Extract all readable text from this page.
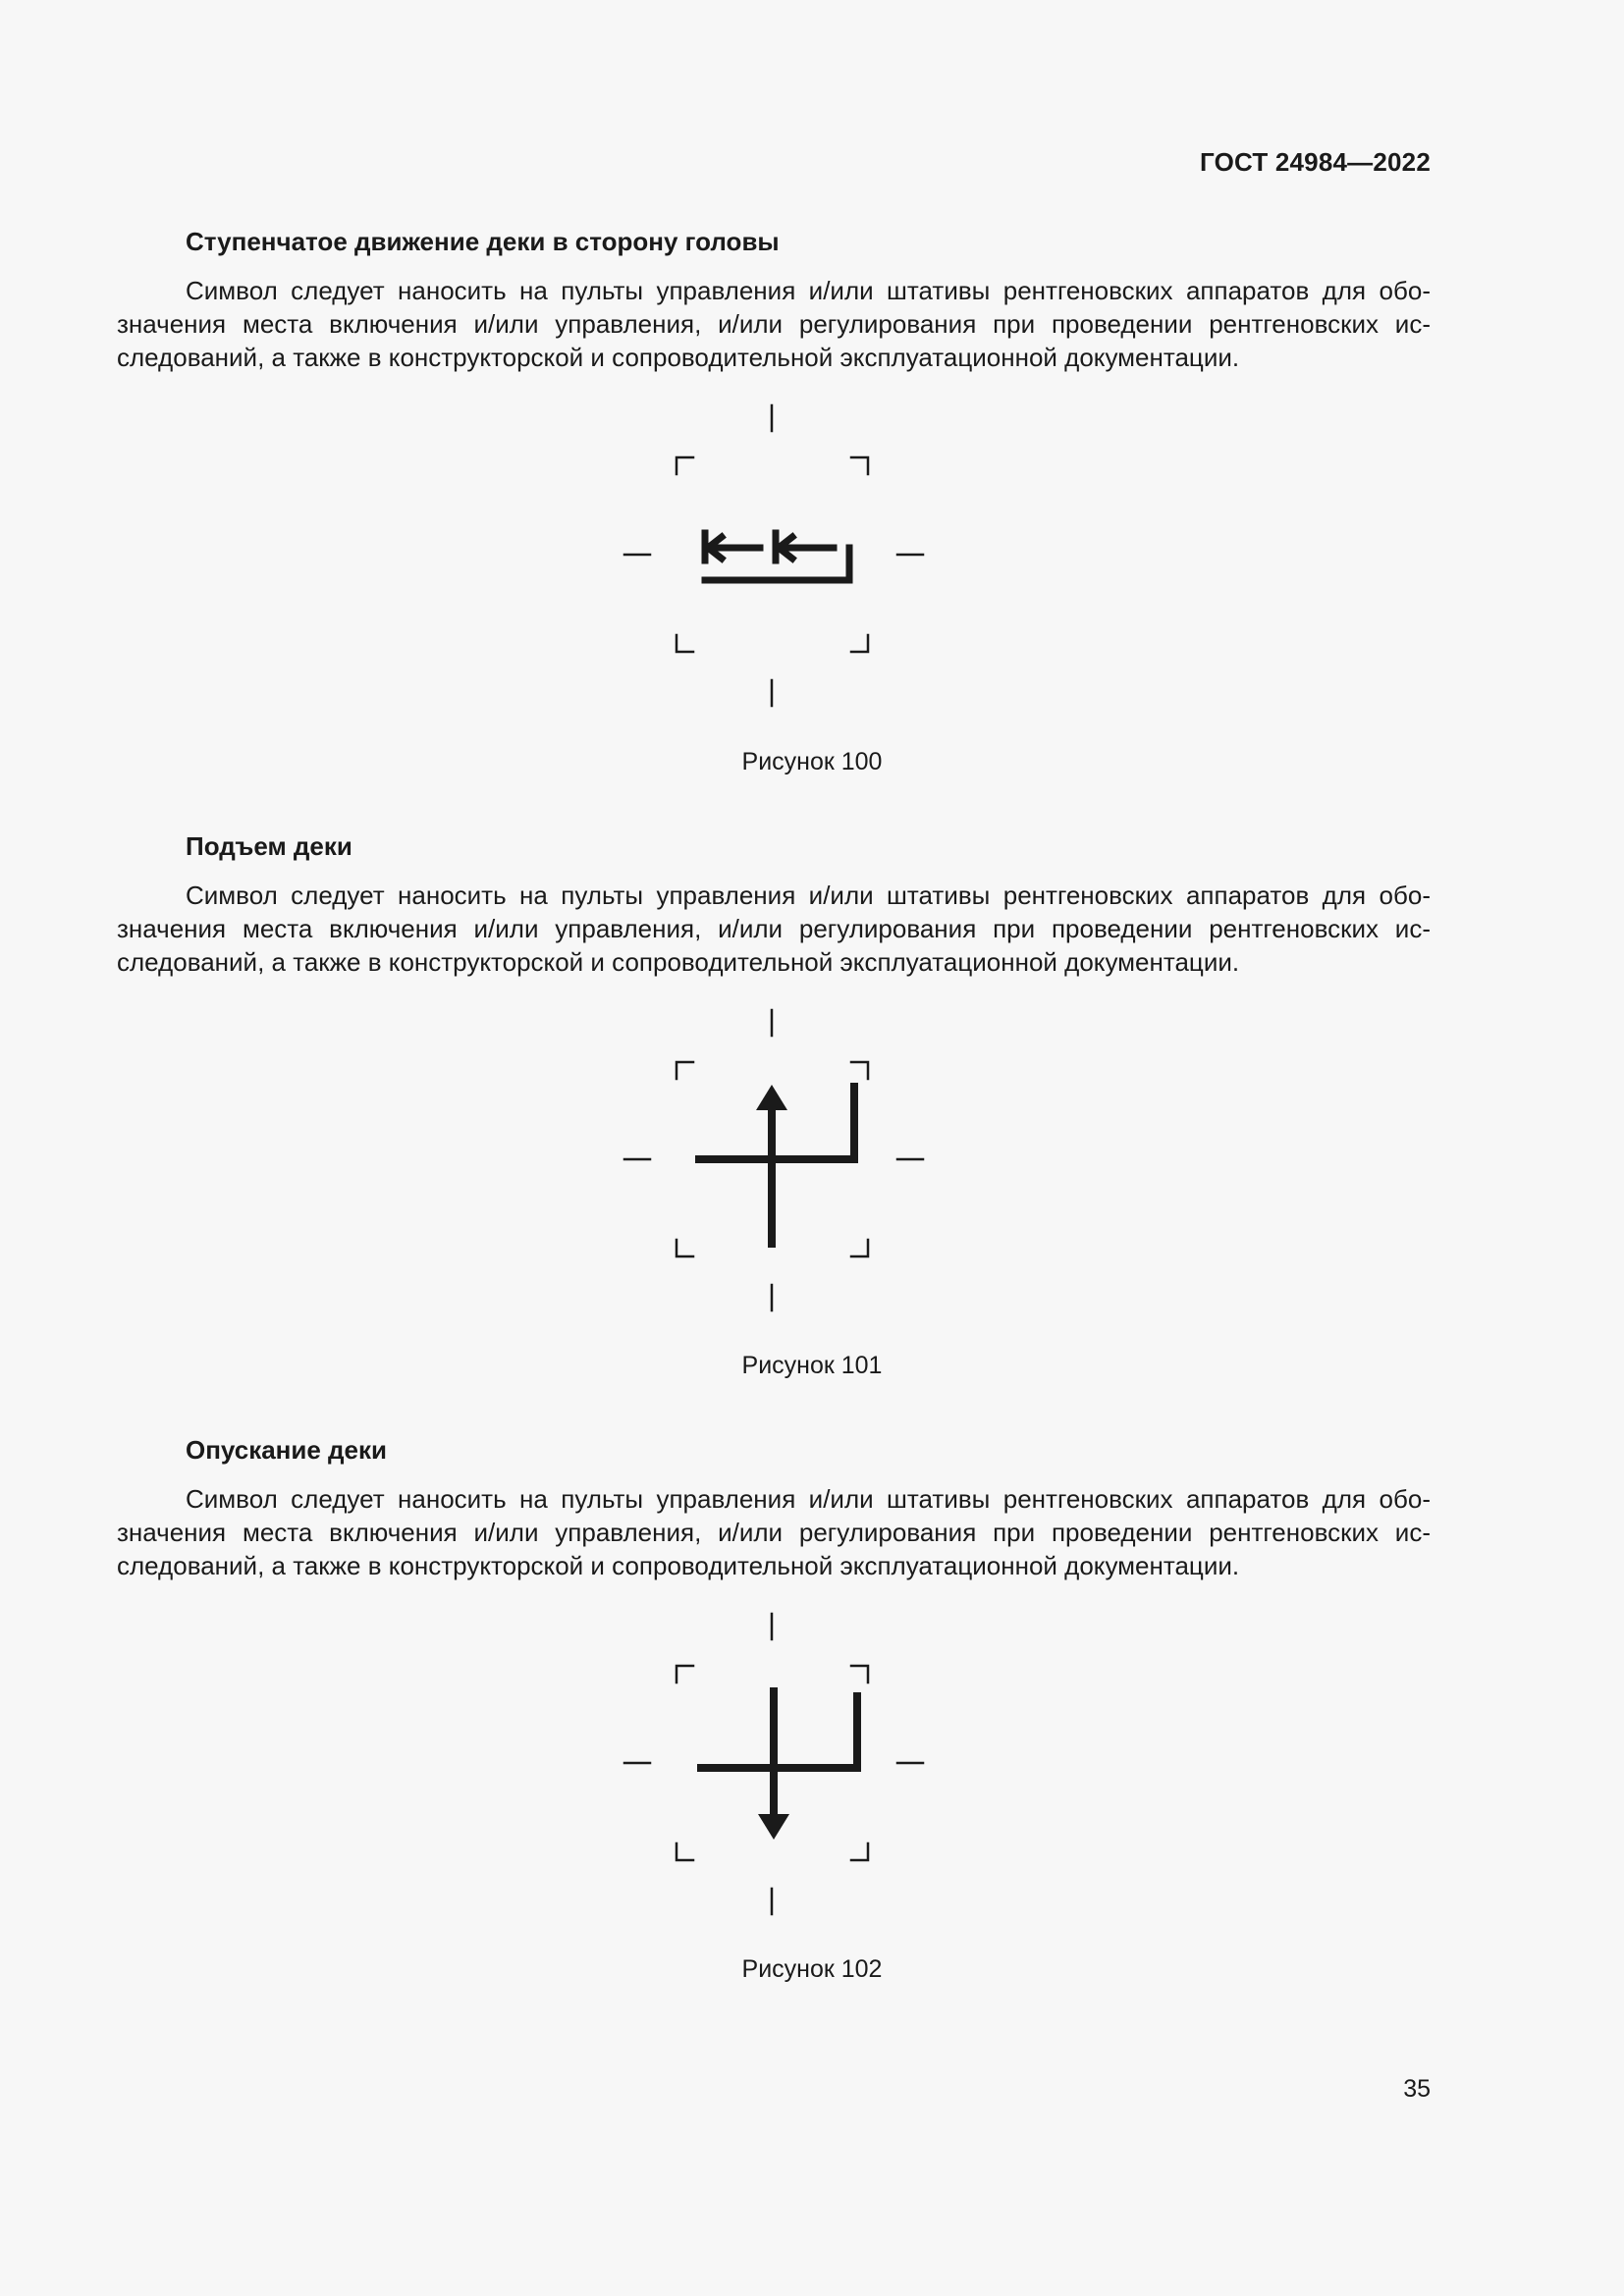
ГОСТ 24984—2022
Ступенчатое движение деки в сторону головы
Символ следует наносить на пульты управления и/или штативы рентгеновских аппаратов для обозначения места включения и/или управления, и/или регулирования при проведении рентгеновских исследований, а также в конструкторской и сопроводительной эксплуатационной документации.
Рисунок 100
Подъем деки
Символ следует наносить на пульты управления и/или штативы рентгеновских аппаратов для обозначения места включения и/или управления, и/или регулирования при проведении рентгеновских исследований, а также в конструкторской и сопроводительной эксплуатационной документации.
Рисунок 101
Опускание деки
Символ следует наносить на пульты управления и/или штативы рентгеновских аппаратов для обозначения места включения и/или управления, и/или регулирования при проведении рентгеновских исследований, а также в конструкторской и сопроводительной эксплуатационной документации.
Рисунок 102
35
